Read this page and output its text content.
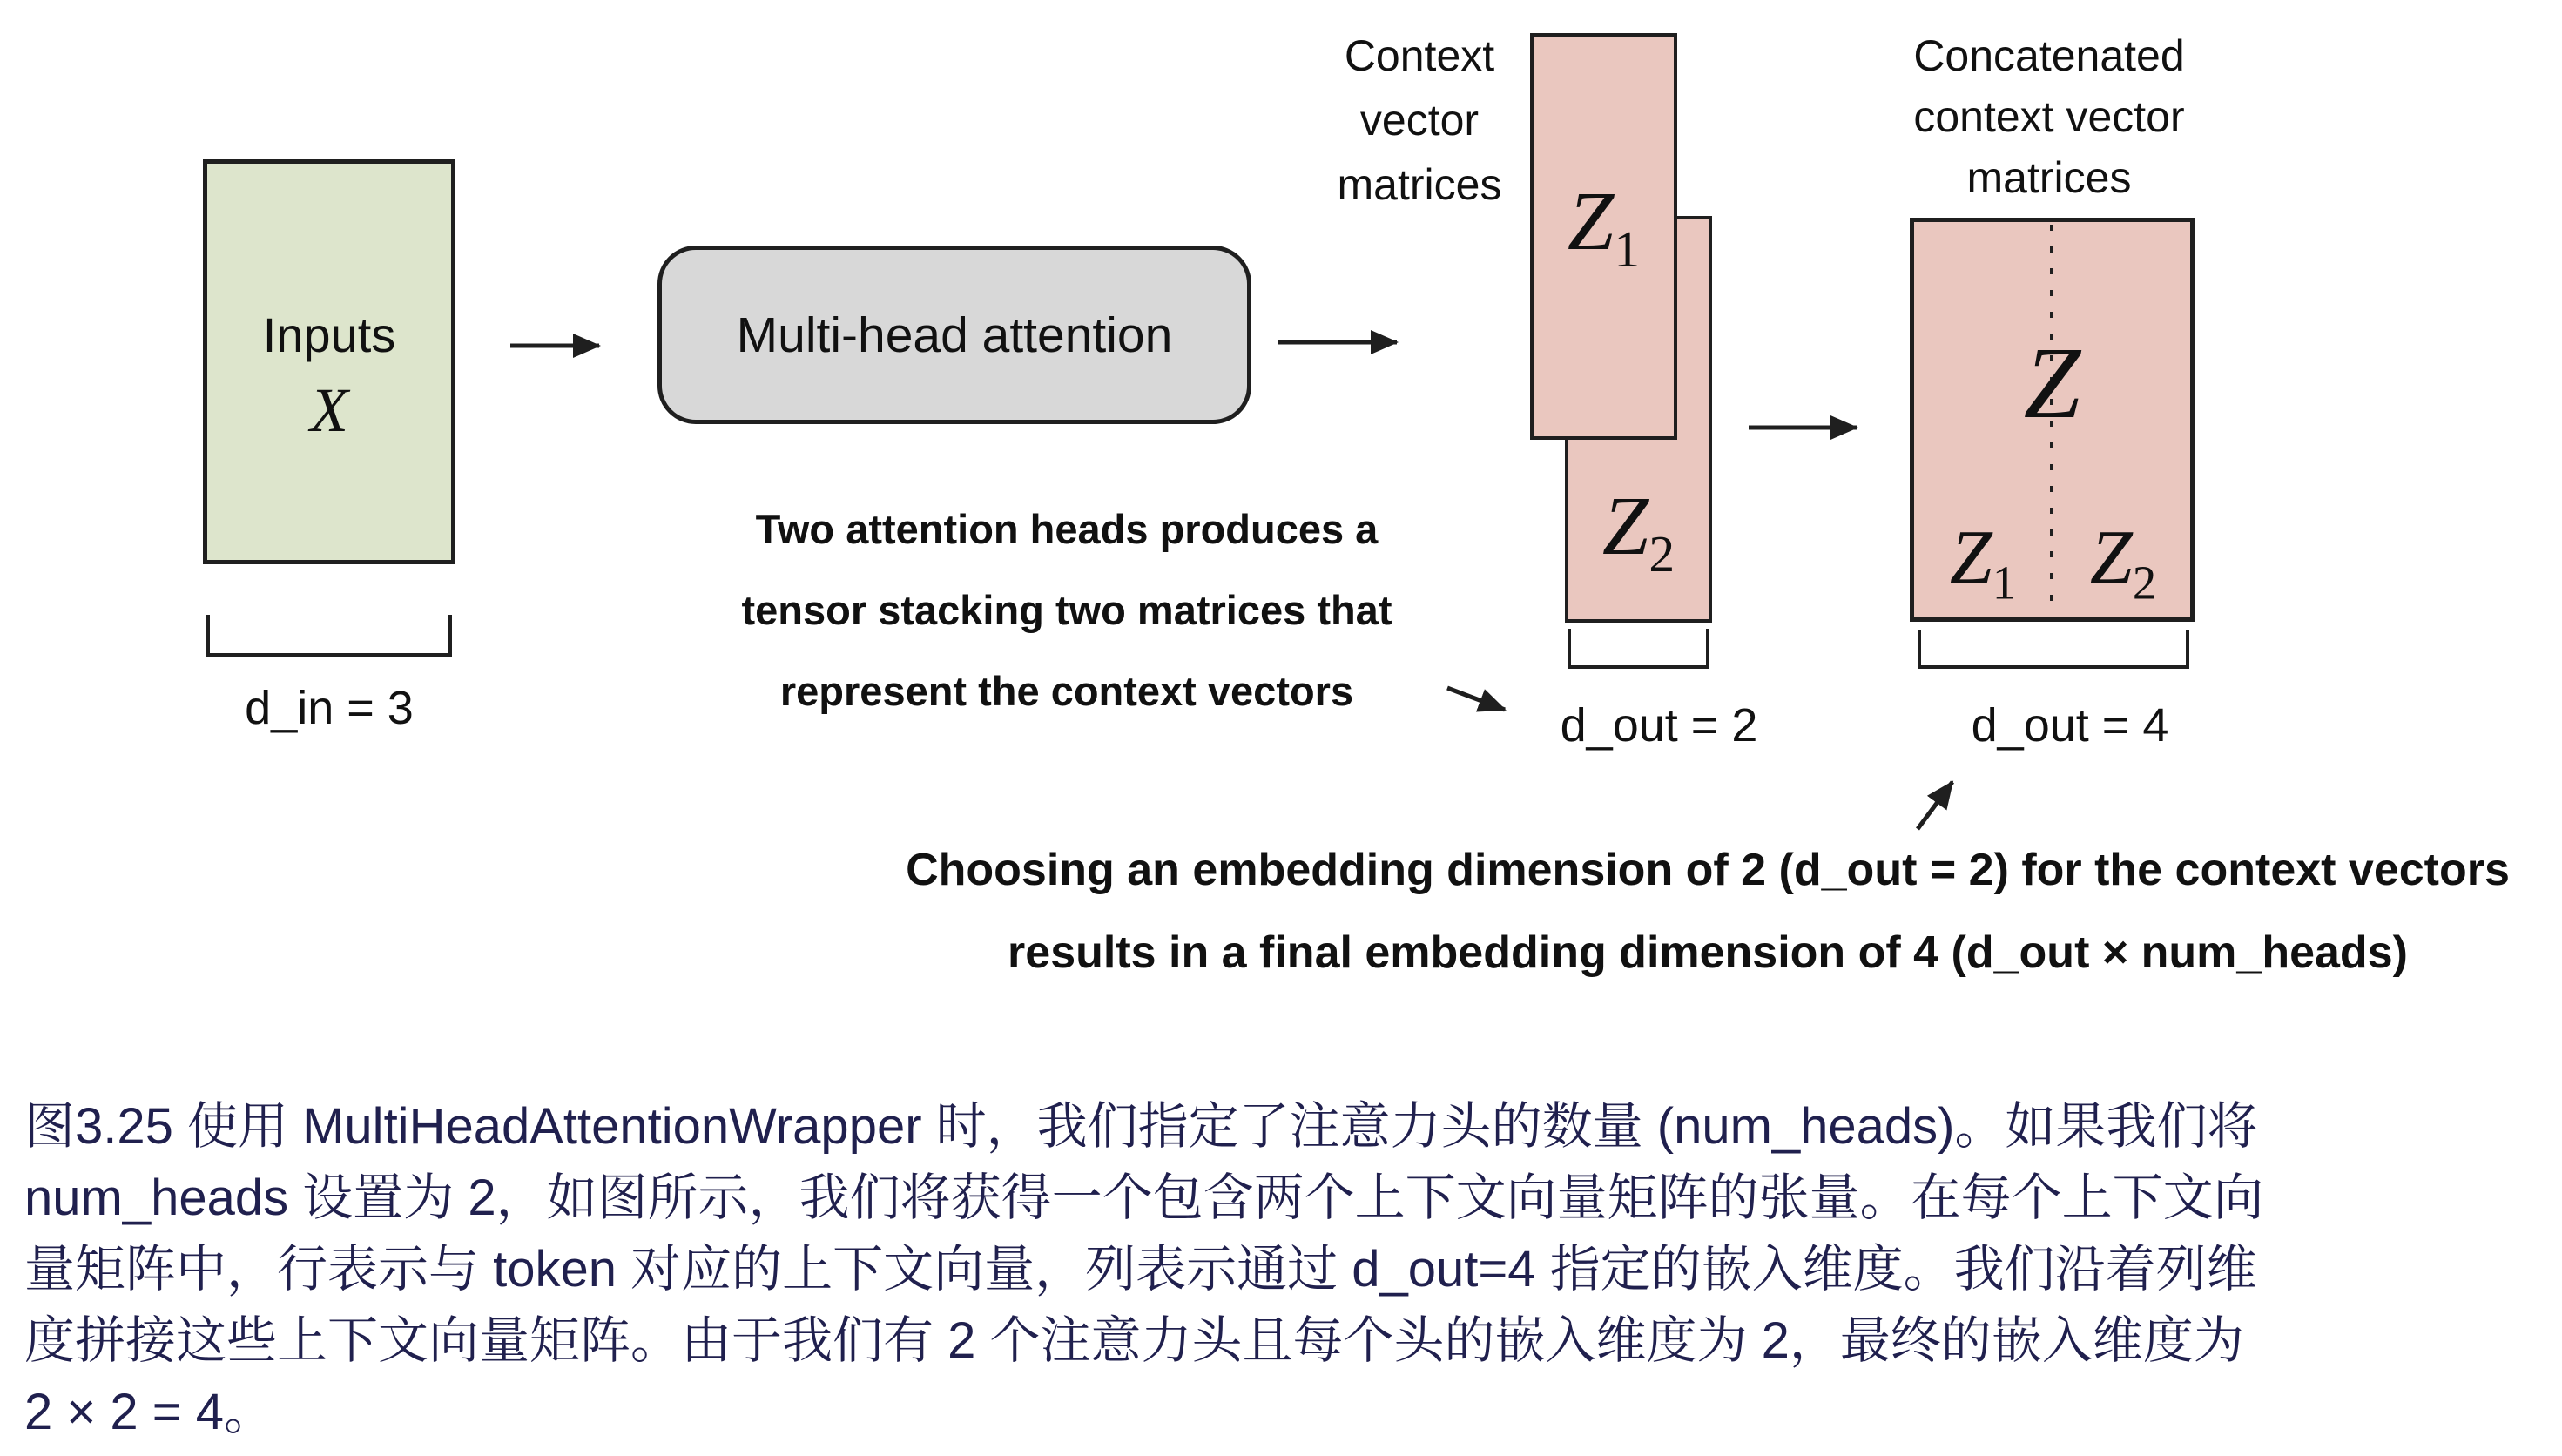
Inputs
X
d_in = 3
Multi-head attention
Two attention heads produces a
tensor stacking two matrices that
represent the context vectors
Context
vector
matrices $Z_1$
$Z_2$
d_out = 2
Concatenated
context vector
matrices
Z
$Z_1$ $Z_2$
d_out = 4
Choosing an embedding dimension of 2 (d_out = 2) for the context vectors
results in a final embedding dimension of 4 (d_out × num_heads)
图3.25 使用 MultiHeadAttentionWrapper 时，我们指定了注意力头的数量 (num_heads)。如果我们将
num_heads 设置为 2，如图所示，我们将获得一个包含两个上下文向量矩阵的张量。在每个上下文向
量矩阵中，行表示与 token 对应的上下文向量，列表示通过 d_out=4 指定的嵌入维度。我们沿着列维
度拼接这些上下文向量矩阵。由于我们有 2 个注意力头且每个头的嵌入维度为 2，最终的嵌入维度为
2 × 2 = 4。
